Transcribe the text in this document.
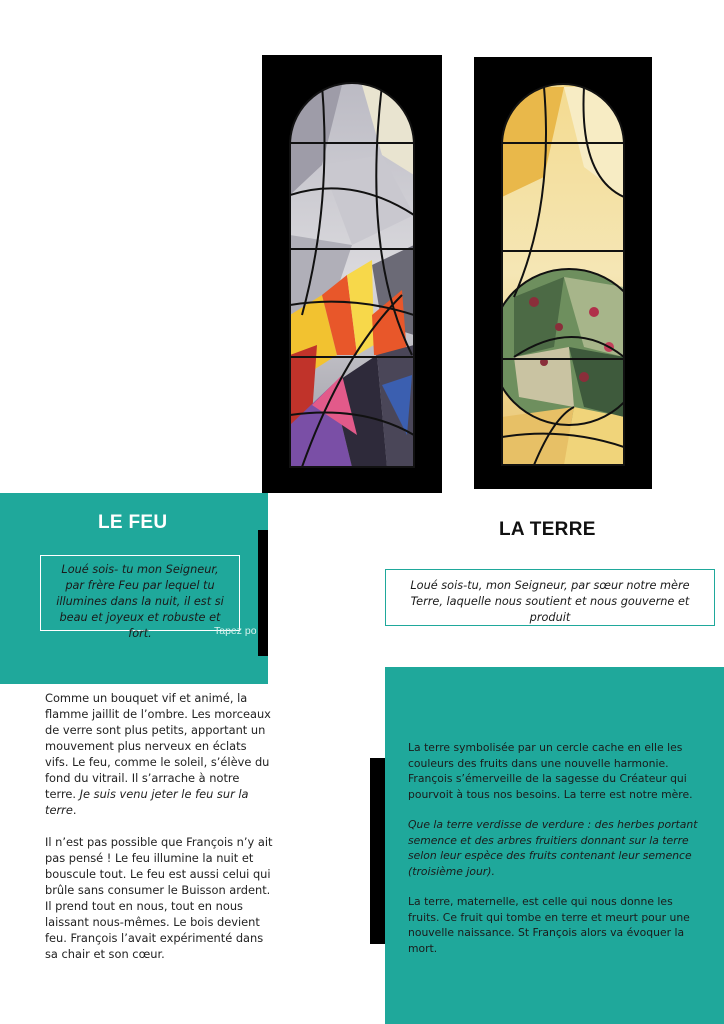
LE FEU
Loué sois- tu mon Seigneur, par frère Feu par lequel tu illumines dans la nuit, il est si beau et joyeux et robuste et fort.	Tapez po

Comme un bouquet vif et animé, la flamme jaillit de l’ombre. Les morceaux de verre sont plus petits, apportant un mouvement plus nerveux en éclats vifs. Le feu, comme le soleil, s’élève du fond du vitrail. Il s’arrache à notre terre. Je suis venu jeter le feu sur la terre.

Il n’est pas possible que François n’y ait pas pensé ! Le feu illumine la nuit et bouscule tout. Le feu est aussi celui qui brûle sans consumer le Buisson ardent. Il prend tout en nous, tout en nous laissant nous-mêmes. Le bois devient feu. François l’avait expérimenté dans sa chair et son cœur.

LA TERRE
Loué sois-tu, mon Seigneur, par sœur notre mère Terre, laquelle nous soutient et nous gouverne et produit

La terre symbolisée par un cercle cache en elle les couleurs des fruits dans une nouvelle harmonie. François s’émerveille de la sagesse du Créateur qui pourvoit à tous nos besoins. La terre est notre mère.

Que la terre verdisse de verdure : des herbes portant semence et des arbres fruitiers donnant sur la terre selon leur espèce des fruits contenant leur semence (troisième jour).

La terre, maternelle, est celle qui nous donne les fruits. Ce fruit qui tombe en terre et meurt pour une nouvelle naissance. St François alors va évoquer la mort.
